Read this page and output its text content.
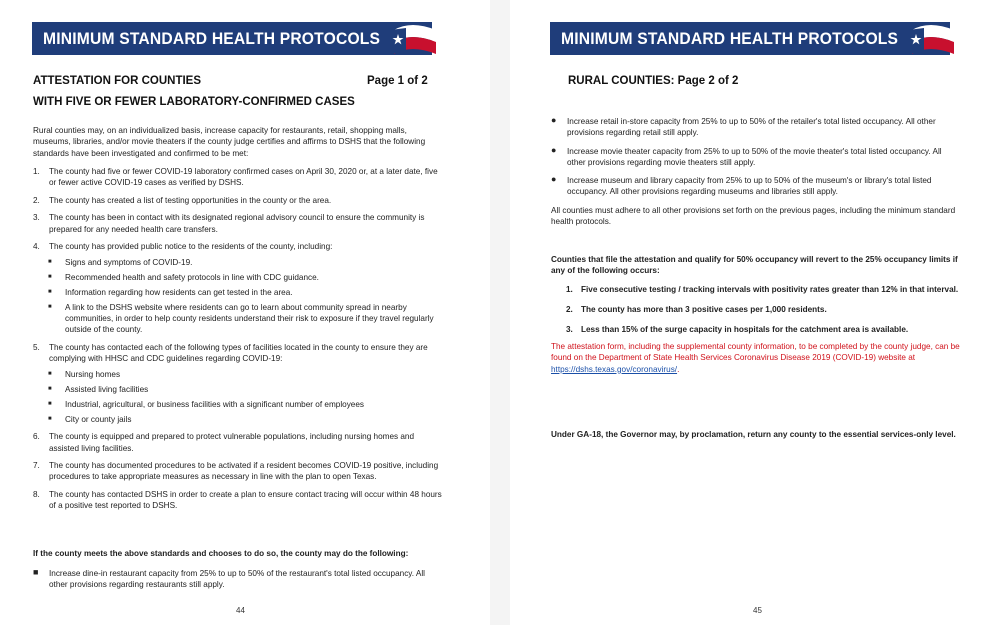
MINIMUM STANDARD HEALTH PROTOCOLS
ATTESTATION FOR COUNTIES	Page 1 of 2
WITH FIVE OR FEWER LABORATORY-CONFIRMED CASES
Rural counties may, on an individualized basis, increase capacity for restaurants, retail, shopping malls, museums, libraries, and/or movie theaters if the county judge certifies and affirms to DSHS that the following standards have been investigated and confirmed to be met:
1. The county had five or fewer COVID-19 laboratory confirmed cases on April 30, 2020 or, at a later date, five or fewer active COVID-19 cases as verified by DSHS.
2. The county has created a list of testing opportunities in the county or the area.
3. The county has been in contact with its designated regional advisory council to ensure the community is prepared for any needed health care transfers.
4. The county has provided public notice to the residents of the county, including:
■ Signs and symptoms of COVID-19.
■ Recommended health and safety protocols in line with CDC guidance.
■ Information regarding how residents can get tested in the area.
■ A link to the DSHS website where residents can go to learn about community spread in nearby communities, in order to help county residents understand their risk to exposure if they travel regularly outside of the county.
5. The county has contacted each of the following types of facilities located in the county to ensure they are complying with HHSC and CDC guidelines regarding COVID-19:
■ Nursing homes
■ Assisted living facilities
■ Industrial, agricultural, or business facilities with a significant number of employees
■ City or county jails
6. The county is equipped and prepared to protect vulnerable populations, including nursing homes and assisted living facilities.
7. The county has documented procedures to be activated if a resident becomes COVID-19 positive, including procedures to take appropriate measures as necessary in line with the plan to open Texas.
8. The county has contacted DSHS in order to create a plan to ensure contact tracing will occur within 48 hours of a positive test reported to DSHS.
If the county meets the above standards and chooses to do so, the county may do the following:
■ Increase dine-in restaurant capacity from 25% to up to 50% of the restaurant's total listed occupancy. All other provisions regarding restaurants still apply.
44
MINIMUM STANDARD HEALTH PROTOCOLS
RURAL COUNTIES: Page 2 of 2
● Increase retail in-store capacity from 25% to up to 50% of the retailer's total listed occupancy. All other provisions regarding retail still apply.
● Increase movie theater capacity from 25% to up to 50% of the movie theater's total listed occupancy. All other provisions regarding movie theaters still apply.
● Increase museum and library capacity from 25% to up to 50% of the museum's or library's total listed occupancy. All other provisions regarding museums and libraries still apply.
All counties must adhere to all other provisions set forth on the previous pages, including the minimum standard health protocols.
Counties that file the attestation and qualify for 50% occupancy will revert to the 25% occupancy limits if any of the following occurs:
1. Five consecutive testing / tracking intervals with positivity rates greater than 12% in that interval.
2. The county has more than 3 positive cases per 1,000 residents.
3. Less than 15% of the surge capacity in hospitals for the catchment area is available.
The attestation form, including the supplemental county information, to be completed by the county judge, can be found on the Department of State Health Services Coronavirus Disease 2019 (COVID-19) website at https://dshs.texas.gov/coronavirus/.
Under GA-18, the Governor may, by proclamation, return any county to the essential services-only level.
45
